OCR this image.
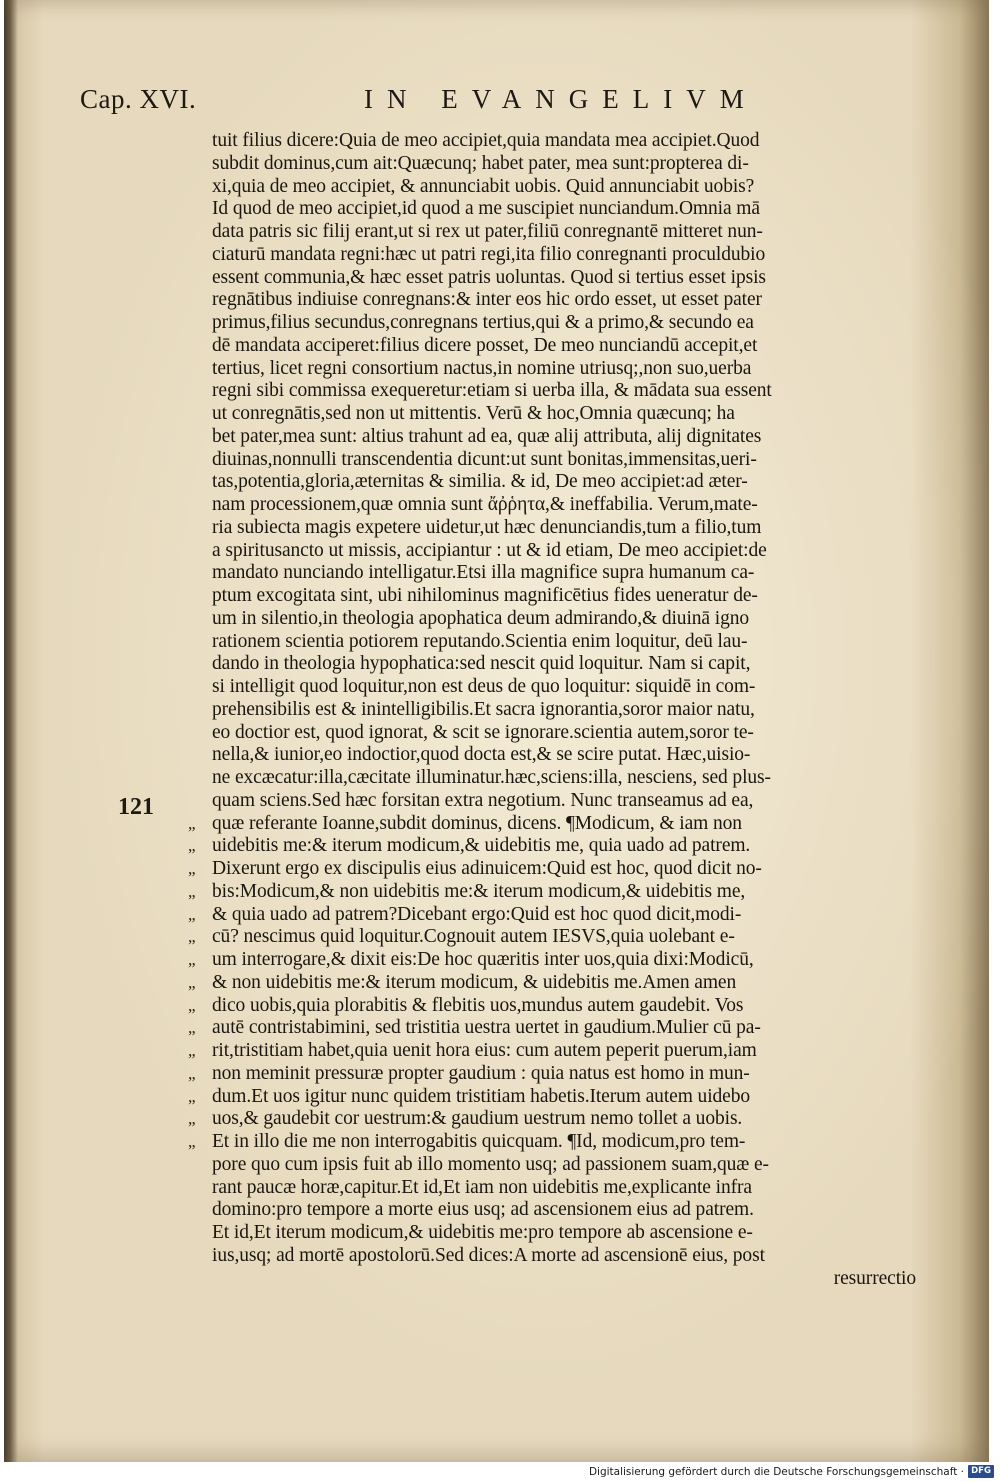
Cap. XVI.	IN EVANGELIVM
121
tuit filius dicere:Quia de meo accipiet,quia mandata mea accipiet.Quod
subdit dominus,cum ait:Quæcunq; habet pater, mea sunt:propterea di-
xi,quia de meo accipiet, & annunciabit uobis. Quid annunciabit uobis?
Id quod de meo accipiet,id quod a me suscipiet nunciandum.Omnia mā
data patris sic filij erant,ut si rex ut pater,filiū conregnantē mitteret nun-
ciaturū mandata regni:hæc ut patri regi,ita filio conregnanti proculdubio
essent communia,& hæc esset patris uoluntas. Quod si tertius esset ipsis
regnātibus indiuise conregnans:& inter eos hic ordo esset, ut esset pater
primus,filius secundus,conregnans tertius,qui & a primo,& secundo ea
dē mandata acciperet:filius dicere posset, De meo nunciandū accepit,et
tertius, licet regni consortium nactus,in nomine utriusq;,non suo,uerba
regni sibi commissa exequeretur:etiam si uerba illa, & mādata sua essent
ut conregnātis,sed non ut mittentis. Verū & hoc,Omnia quæcunq; ha
bet pater,mea sunt: altius trahunt ad ea, quæ alij attributa, alij dignitates
diuinas,nonnulli transcendentia dicunt:ut sunt bonitas,immensitas,ueri-
tas,potentia,gloria,æternitas & similia. & id, De meo accipiet:ad æter-
nam processionem,quæ omnia sunt ἄῤῥητα,& ineffabilia. Verum,mate-
ria subiecta magis expetere uidetur,ut hæc denunciandis,tum a filio,tum
a spiritusancto ut missis, accipiantur : ut & id etiam, De meo accipiet:de
mandato nunciando intelligatur.Etsi illa magnifice supra humanum ca-
ptum excogitata sint, ubi nihilominus magnificētius fides ueneratur de-
um in silentio,in theologia apophatica deum admirando,& diuinā igno
rationem scientia potiorem reputando.Scientia enim loquitur, deū lau-
dando in theologia hypophatica:sed nescit quid loquitur. Nam si capit,
si intelligit quod loquitur,non est deus de quo loquitur: siquidē in com-
prehensibilis est & inintelligibilis.Et sacra ignorantia,soror maior natu,
eo doctior est, quod ignorat, & scit se ignorare.scientia autem,soror te-
nella,& iunior,eo indoctior,quod docta est,& se scire putat. Hæc,uisio-
ne excæcatur:illa,cæcitate illuminatur.hæc,sciens:illa, nesciens, sed plus-
quam sciens.Sed hæc forsitan extra negotium. Nunc transeamus ad ea,
quæ referante Ioanne,subdit dominus, dicens. ¶Modicum, & iam non
„
uidebitis me:& iterum modicum,& uidebitis me, quia uado ad patrem.
„
Dixerunt ergo ex discipulis eius adinuicem:Quid est hoc, quod dicit no-
„
bis:Modicum,& non uidebitis me:& iterum modicum,& uidebitis me,
„
& quia uado ad patrem?Dicebant ergo:Quid est hoc quod dicit,modi-
„
cū? nescimus quid loquitur.Cognouit autem IESVS,quia uolebant e-
„
um interrogare,& dixit eis:De hoc quæritis inter uos,quia dixi:Modicū,
„
& non uidebitis me:& iterum modicum, & uidebitis me.Amen amen
„
dico uobis,quia plorabitis & flebitis uos,mundus autem gaudebit. Vos
„
autē contristabimini, sed tristitia uestra uertet in gaudium.Mulier cū pa-
„
rit,tristitiam habet,quia uenit hora eius: cum autem peperit puerum,iam
„
non meminit pressuræ propter gaudium : quia natus est homo in mun-
„
dum.Et uos igitur nunc quidem tristitiam habetis.Iterum autem uidebo
„
uos,& gaudebit cor uestrum:& gaudium uestrum nemo tollet a uobis.
„
Et in illo die me non interrogabitis quicquam. ¶Id, modicum,pro tem-
„
pore quo cum ipsis fuit ab illo momento usq; ad passionem suam,quæ e-
rant paucæ horæ,capitur.Et id,Et iam non uidebitis me,explicante infra
domino:pro tempore a morte eius usq; ad ascensionem eius ad patrem.
Et id,Et iterum modicum,& uidebitis me:pro tempore ab ascensione e-
ius,usq; ad mortē apostolorū.Sed dices:A morte ad ascensionē eius, post
resurrectio
Digitalisierung gefördert durch die Deutsche Forschungsgemeinschaft · DFG
